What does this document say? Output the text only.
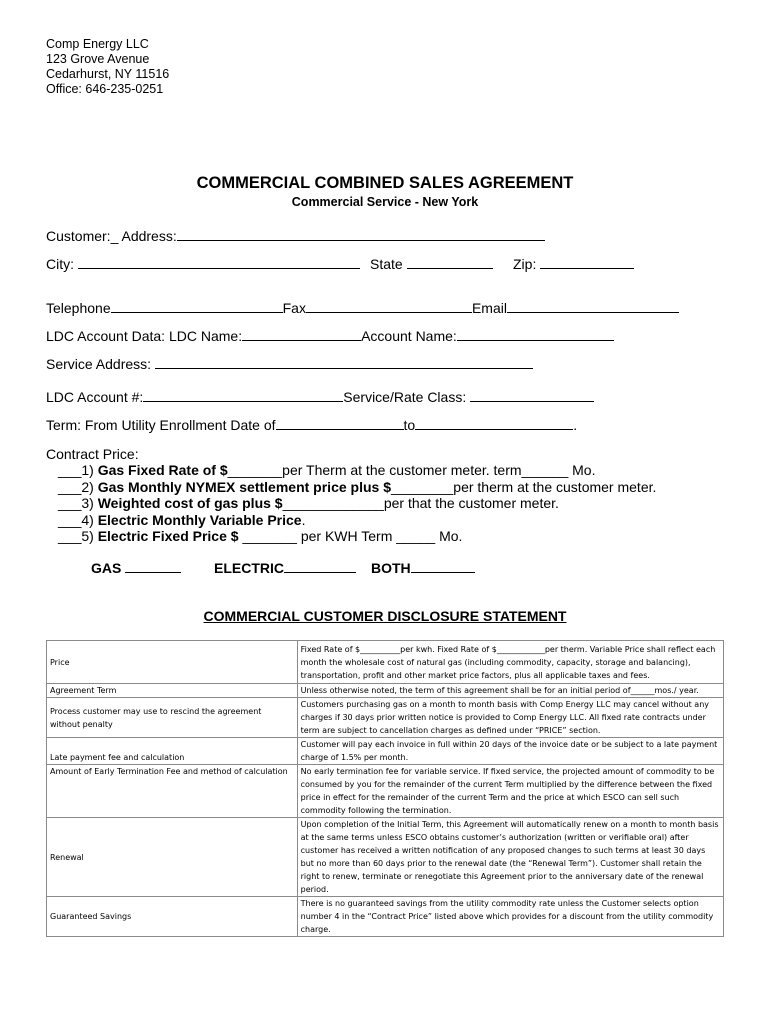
Comp Energy LLC
123 Grove Avenue
Cedarhurst, NY 11516
Office: 646-235-0251
COMMERCIAL COMBINED SALES AGREEMENT
Commercial Service - New York
Customer:_ Address:
City:	State	Zip:
Telephone	Fax	Email
LDC Account Data: LDC Name:	Account Name:
Service Address:
LDC Account #:	Service/Rate Class:
Term: From Utility Enrollment Date of	to	.
Contract Price:
___1) Gas Fixed Rate of $_______per Therm at the customer meter. term______ Mo.
___2) Gas Monthly NYMEX settlement price plus $________per therm at the customer meter.
___3) Weighted cost of gas plus $_____________per that the customer meter.
___4) Electric Monthly Variable Price.
___5) Electric Fixed Price $ _______ per KWH Term _____ Mo.
GAS	ELECTRIC	BOTH
COMMERCIAL CUSTOMER DISCLOSURE STATEMENT
Price	Fixed Rate of $__________per kwh. Fixed Rate of $____________per therm. Variable Price shall reflect each month the wholesale cost of natural gas (including commodity, capacity, storage and balancing), transportation, profit and other market price factors, plus all applicable taxes and fees.
Agreement Term	Unless otherwise noted, the term of this agreement shall be for an initial period of______mos./ year.
Process customer may use to rescind the agreement without penalty	Customers purchasing gas on a month to month basis with Comp Energy LLC may cancel without any charges if 30 days prior written notice is provided to Comp Energy LLC. All fixed rate contracts under term are subject to cancellation charges as defined under “PRICE” section.
Late payment fee and calculation	Customer will pay each invoice in full within 20 days of the invoice date or be subject to a late payment charge of 1.5% per month.
Amount of Early Termination Fee and method of calculation	No early termination fee for variable service. If fixed service, the projected amount of commodity to be consumed by you for the remainder of the current Term multiplied by the difference between the fixed price in effect for the remainder of the current Term and the price at which ESCO can sell such commodity following the termination.
Renewal	Upon completion of the Initial Term, this Agreement will automatically renew on a month to month basis at the same terms unless ESCO obtains customer’s authorization (written or verifiable oral) after customer has received a written notification of any proposed changes to such terms at least 30 days but no more than 60 days prior to the renewal date (the “Renewal Term”). Customer shall retain the right to renew, terminate or renegotiate this Agreement prior to the anniversary date of the renewal period.
Guaranteed Savings	There is no guaranteed savings from the utility commodity rate unless the Customer selects option number 4 in the “Contract Price” listed above which provides for a discount from the utility commodity charge.
